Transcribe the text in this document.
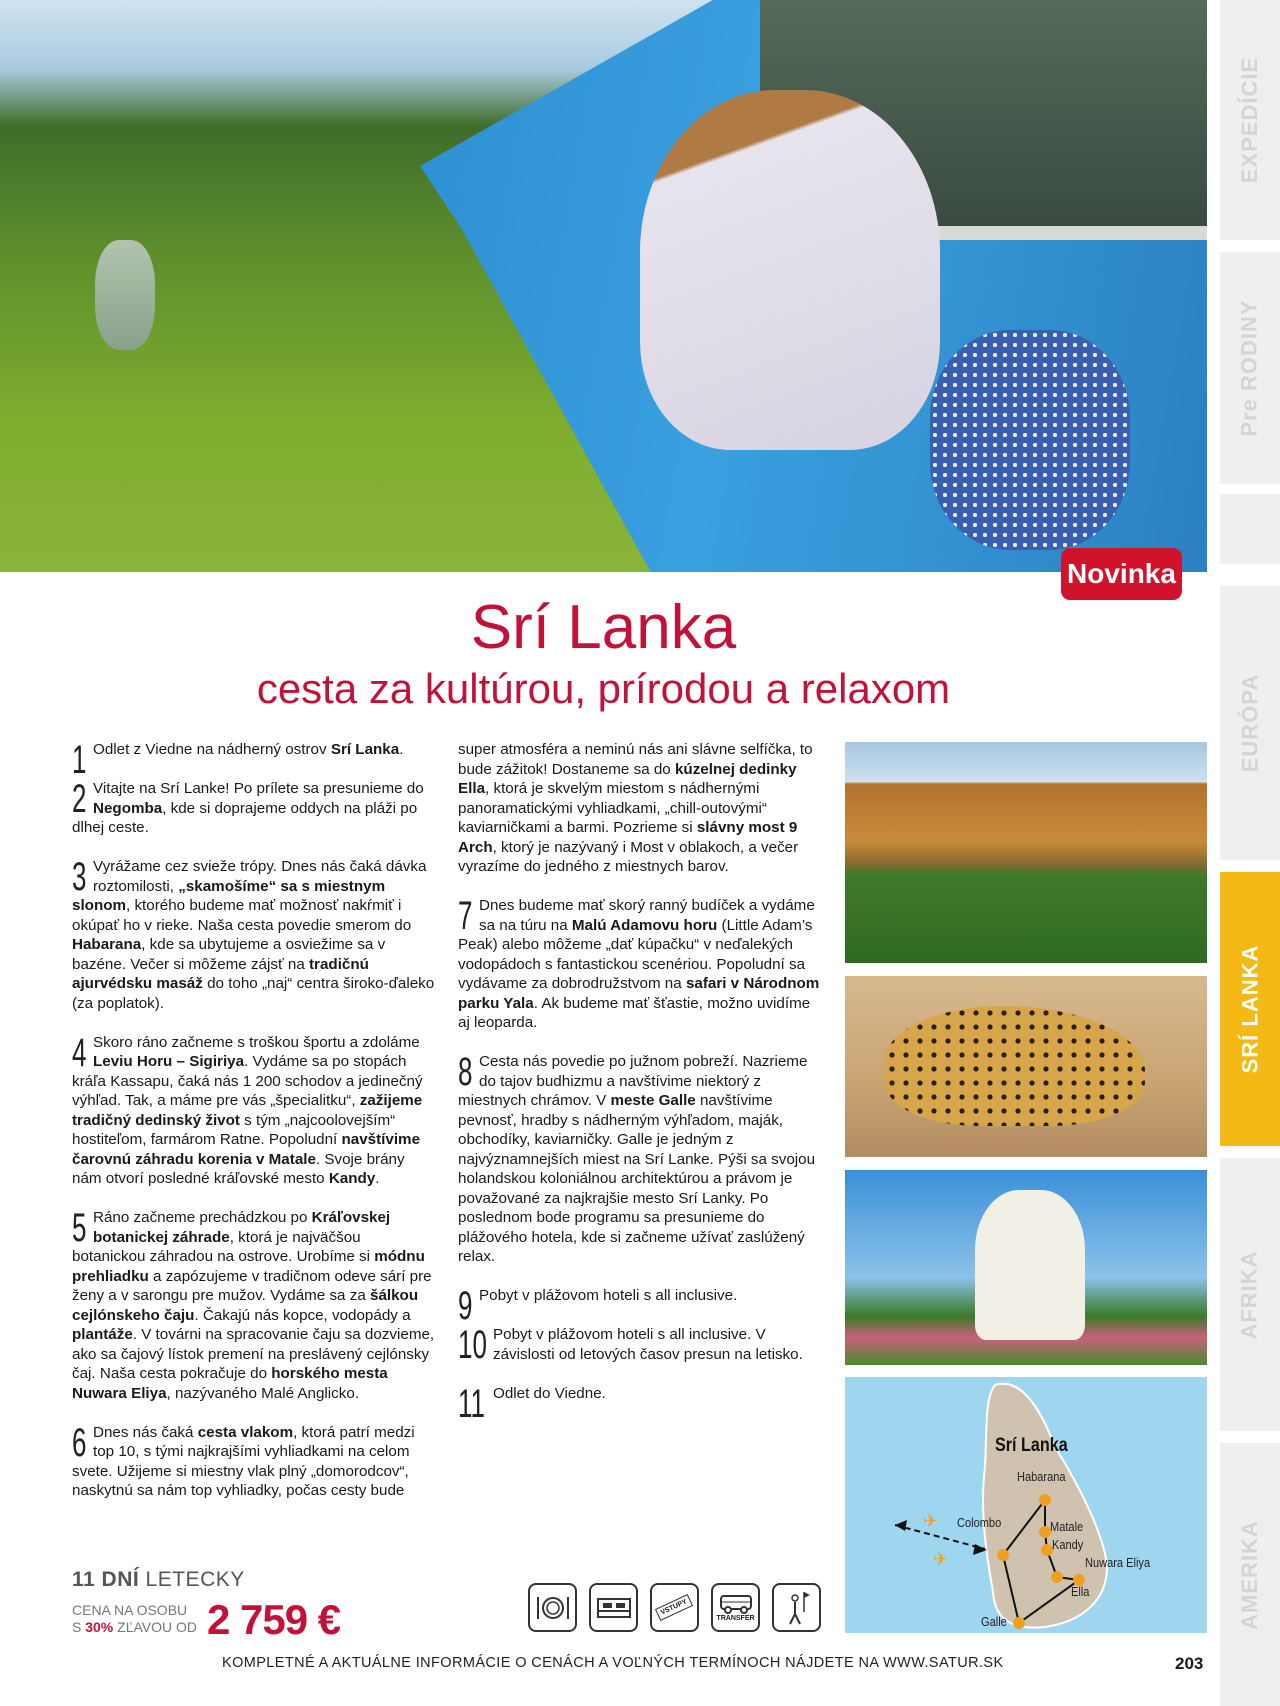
EXPEDÍCIE
Pre RODINY
EURÓPA
SRÍ LANKA
AFRIKA
AMERIKA
Novinka
Srí Lanka
cesta za kultúrou, prírodou a relaxom
1 Odlet z Viedne na nádherný ostrov Srí Lanka.
2 Vitajte na Srí Lanke! Po prílete sa presunieme do Negomba, kde si doprajeme oddych na pláži po dlhej ceste.
3 Vyrážame cez svieže trópy. Dnes nás čaká dávka roztomilosti, „skamošíme“ sa s miestnym slonom, ktorého budeme mať možnosť nakŕmiť i okúpať ho v rieke. Naša cesta povedie smerom do Habarana, kde sa ubytujeme a osviežime sa v bazéne. Večer si môžeme zájsť na tradičnú ajurvédsku masáž do toho „naj“ centra široko-ďaleko (za poplatok).
4 Skoro ráno začneme s troškou športu a zdoláme Leviu Horu – Sigiriya. Vydáme sa po stopách kráľa Kassapu, čaká nás 1 200 schodov a jedinečný výhľad. Tak, a máme pre vás „špecialitku“, zažijeme tradičný dedinský život s tým „najcoolovejším“ hostiteľom, farmárom Ratne. Popoludní navštívime čarovnú záhradu korenia v Matale. Svoje brány nám otvorí posledné kráľovské mesto Kandy.
5 Ráno začneme prechádzkou po Kráľovskej botanickej záhrade, ktorá je najväčšou botanickou záhradou na ostrove. Urobíme si módnu prehliadku a zapózujeme v tradičnom odeve sárí pre ženy a v sarongu pre mužov. Vydáme sa za šálkou cejlónskeho čaju. Čakajú nás kopce, vodopády a plantáže. V továrni na spracovanie čaju sa dozvieme, ako sa čajový lístok premení na preslávený cejlónsky čaj. Naša cesta pokračuje do horského mesta Nuwara Eliya, nazývaného Malé Anglicko.
6 Dnes nás čaká cesta vlakom, ktorá patrí medzi top 10, s tými najkrajšími vyhliadkami na celom svete. Užijeme si miestny vlak plný „domorodcov“, naskytnú sa nám top vyhliadky, počas cesty bude
super atmosféra a neminú nás ani slávne selfíčka, to bude zážitok! Dostaneme sa do kúzelnej dedinky Ella, ktorá je skvelým miestom s nádhernými panoramatickými vyhliadkami, „chill-outovými“ kaviarničkami a barmi. Pozrieme si slávny most 9 Arch, ktorý je nazývaný i Most v oblakoch, a večer vyrazíme do jedného z miestnych barov.
7 Dnes budeme mať skorý ranný budíček a vydáme sa na túru na Malú Adamovu horu (Little Adam’s Peak) alebo môžeme „dať kúpačku“ v neďalekých vodopádoch s fantastickou scenériou. Popoludní sa vydávame za dobrodružstvom na safari v Národnom parku Yala. Ak budeme mať šťastie, možno uvidíme aj leoparda.
8 Cesta nás povedie po južnom pobreží. Nazrieme do tajov budhizmu a navštívime niektorý z miestnych chrámov. V meste Galle navštívime pevnosť, hradby s nádherným výhľadom, maják, obchodíky, kaviarničky. Galle je jedným z najvýznamnejších miest na Srí Lanke. Pýši sa svojou holandskou koloniálnou architektúrou a právom je považované za najkrajšie mesto Srí Lanky. Po poslednom bode programu sa presunieme do plážového hotela, kde si začneme užívať zaslúžený relax.
9 Pobyt v plážovom hoteli s all inclusive.
10 Pobyt v plážovom hoteli s all inclusive. V závislosti od letových časov presun na letisko.
11 Odlet do Viedne.
✈
✈
Srí Lanka
Habarana
Colombo	Matale
Kandy
Nuwara Eliya
Ella
Galle
11 DNÍ LETECKY
CENA NA OSOBU
S 30% ZĽAVOU OD 2 759 €	VSTUPY
TRANSFER
KOMPLETNÉ A AKTUÁLNE INFORMÁCIE O CENÁCH A VOĽNÝCH TERMÍNOCH NÁJDETE NA WWW.SATUR.SK	203
